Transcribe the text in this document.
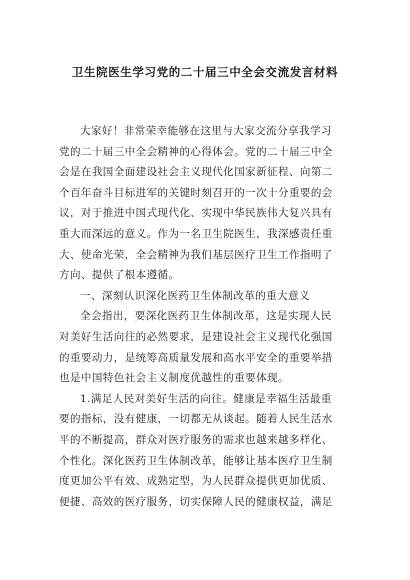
卫生院医生学习党的二十届三中全会交流发言材料
大家好！非常荣幸能够在这里与大家交流分享我学习
党的二十届三中全会精神的心得体会。党的二十届三中全
会是在我国全面建设社会主义现代化国家新征程、向第二
个百年奋斗目标进军的关键时刻召开的一次十分重要的会
议，对于推进中国式现代化、实现中华民族伟大复兴具有
重大而深远的意义。作为一名卫生院医生，我深感责任重
大、使命光荣，全会精神为我们基层医疗卫生工作指明了
方向、提供了根本遵循。
一、深刻认识深化医药卫生体制改革的重大意义
全会指出，要深化医药卫生体制改革，这是实现人民
对美好生活向往的必然要求，是建设社会主义现代化强国
的重要动力，是统筹高质量发展和高水平安全的重要举措
也是中国特色社会主义制度优越性的重要体现。
1.满足人民对美好生活的向往。健康是幸福生活最重
要的指标，没有健康，一切都无从谈起。随着人民生活水
平的不断提高，群众对医疗服务的需求也越来越多样化、
个性化。深化医药卫生体制改革，能够让基本医疗卫生制
度更加公平有效、成熟定型，为人民群众提供更加优质、
便捷、高效的医疗服务，切实保障人民的健康权益，满足
